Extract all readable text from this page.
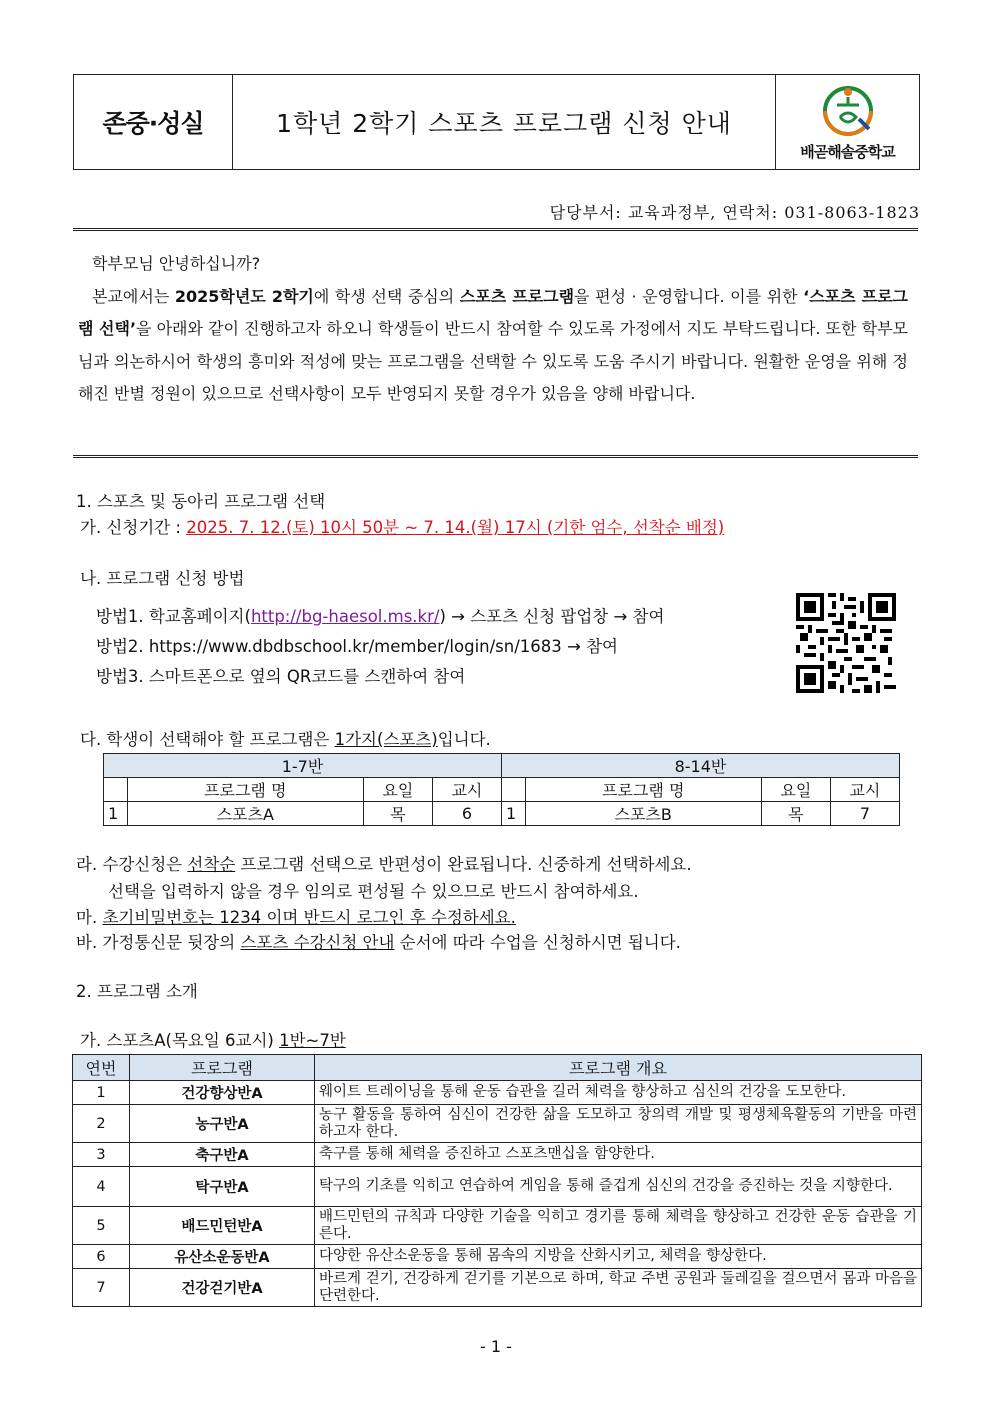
존중·성실	1학년 2학기 스포츠 프로그램 신청 안내
배곧해솔중학교
담당부서: 교육과정부, 연락처: 031-8063-1823

학부모님 안녕하십니까?

본교에서는 2025학년도 2학기에 학생 선택 중심의 스포츠 프로그램을 편성 · 운영합니다. 이를 위한 ‘스포츠 프로그램 선택’을 아래와 같이 진행하고자 하오니 학생들이 반드시 참여할 수 있도록 가정에서 지도 부탁드립니다. 또한 학부모님과 의논하시어 학생의 흥미와 적성에 맞는 프로그램을 선택할 수 있도록 도움 주시기 바랍니다. 원활한 운영을 위해 정해진 반별 정원이 있으므로 선택사항이 모두 반영되지 못할 경우가 있음을 양해 바랍니다.

1. 스포츠 및 동아리 프로그램 선택
가. 신청기간 : 2025. 7. 12.(토) 10시 50분 ~ 7. 14.(월) 17시 (기한 엄수, 선착순 배정)
나. 프로그램 신청 방법
방법1. 학교홈페이지(http://bg-haesol.ms.kr/) → 스포츠 신청 팝업창 → 참여
방법2. https://www.dbdbschool.kr/member/login/sn/1683 → 참여
방법3. 스마트폰으로 옆의 QR코드를 스캔하여 참여
다. 학생이 선택해야 할 프로그램은 1가지(스포츠)입니다.
1-7반				8-14반			
	프로그램 명	요일	교시		프로그램 명	요일	교시
1	스포츠A	목	6	1	스포츠B	목	7
라. 수강신청은 선착순 프로그램 선택으로 반편성이 완료됩니다. 신중하게 선택하세요.
선택을 입력하지 않을 경우 임의로 편성될 수 있으므로 반드시 참여하세요.
마. 초기비밀번호는 1234 이며 반드시 로그인 후 수정하세요.
바. 가정통신문 뒷장의 스포츠 수강신청 안내 순서에 따라 수업을 신청하시면 됩니다.
2. 프로그램 소개
가. 스포츠A(목요일 6교시) 1반~7반
연번	프로그램	프로그램 개요
1	건강향상반A	웨이트 트레이닝을 통해 운동 습관을 길러 체력을 향상하고 심신의 건강을 도모한다.
2	농구반A	농구 활동을 통하여 심신이 건강한 삶을 도모하고 창의력 개발 및 평생체육활동의 기반을 마련하고자 한다.
3	축구반A	축구를 통해 체력을 증진하고 스포츠맨십을 함양한다.
4	탁구반A	탁구의 기초를 익히고 연습하여 게임을 통해 즐겁게 심신의 건강을 증진하는 것을 지향한다.
5	배드민턴반A	배드민턴의 규칙과 다양한 기술을 익히고 경기를 통해 체력을 향상하고 건강한 운동 습관을 기른다.
6	유산소운동반A	다양한 유산소운동을 통해 몸속의 지방을 산화시키고, 체력을 향상한다.
7	건강걷기반A	바르게 걷기, 건강하게 걷기를 기본으로 하며, 학교 주변 공원과 둘레길을 걸으면서 몸과 마음을 단련한다.
- 1 -
